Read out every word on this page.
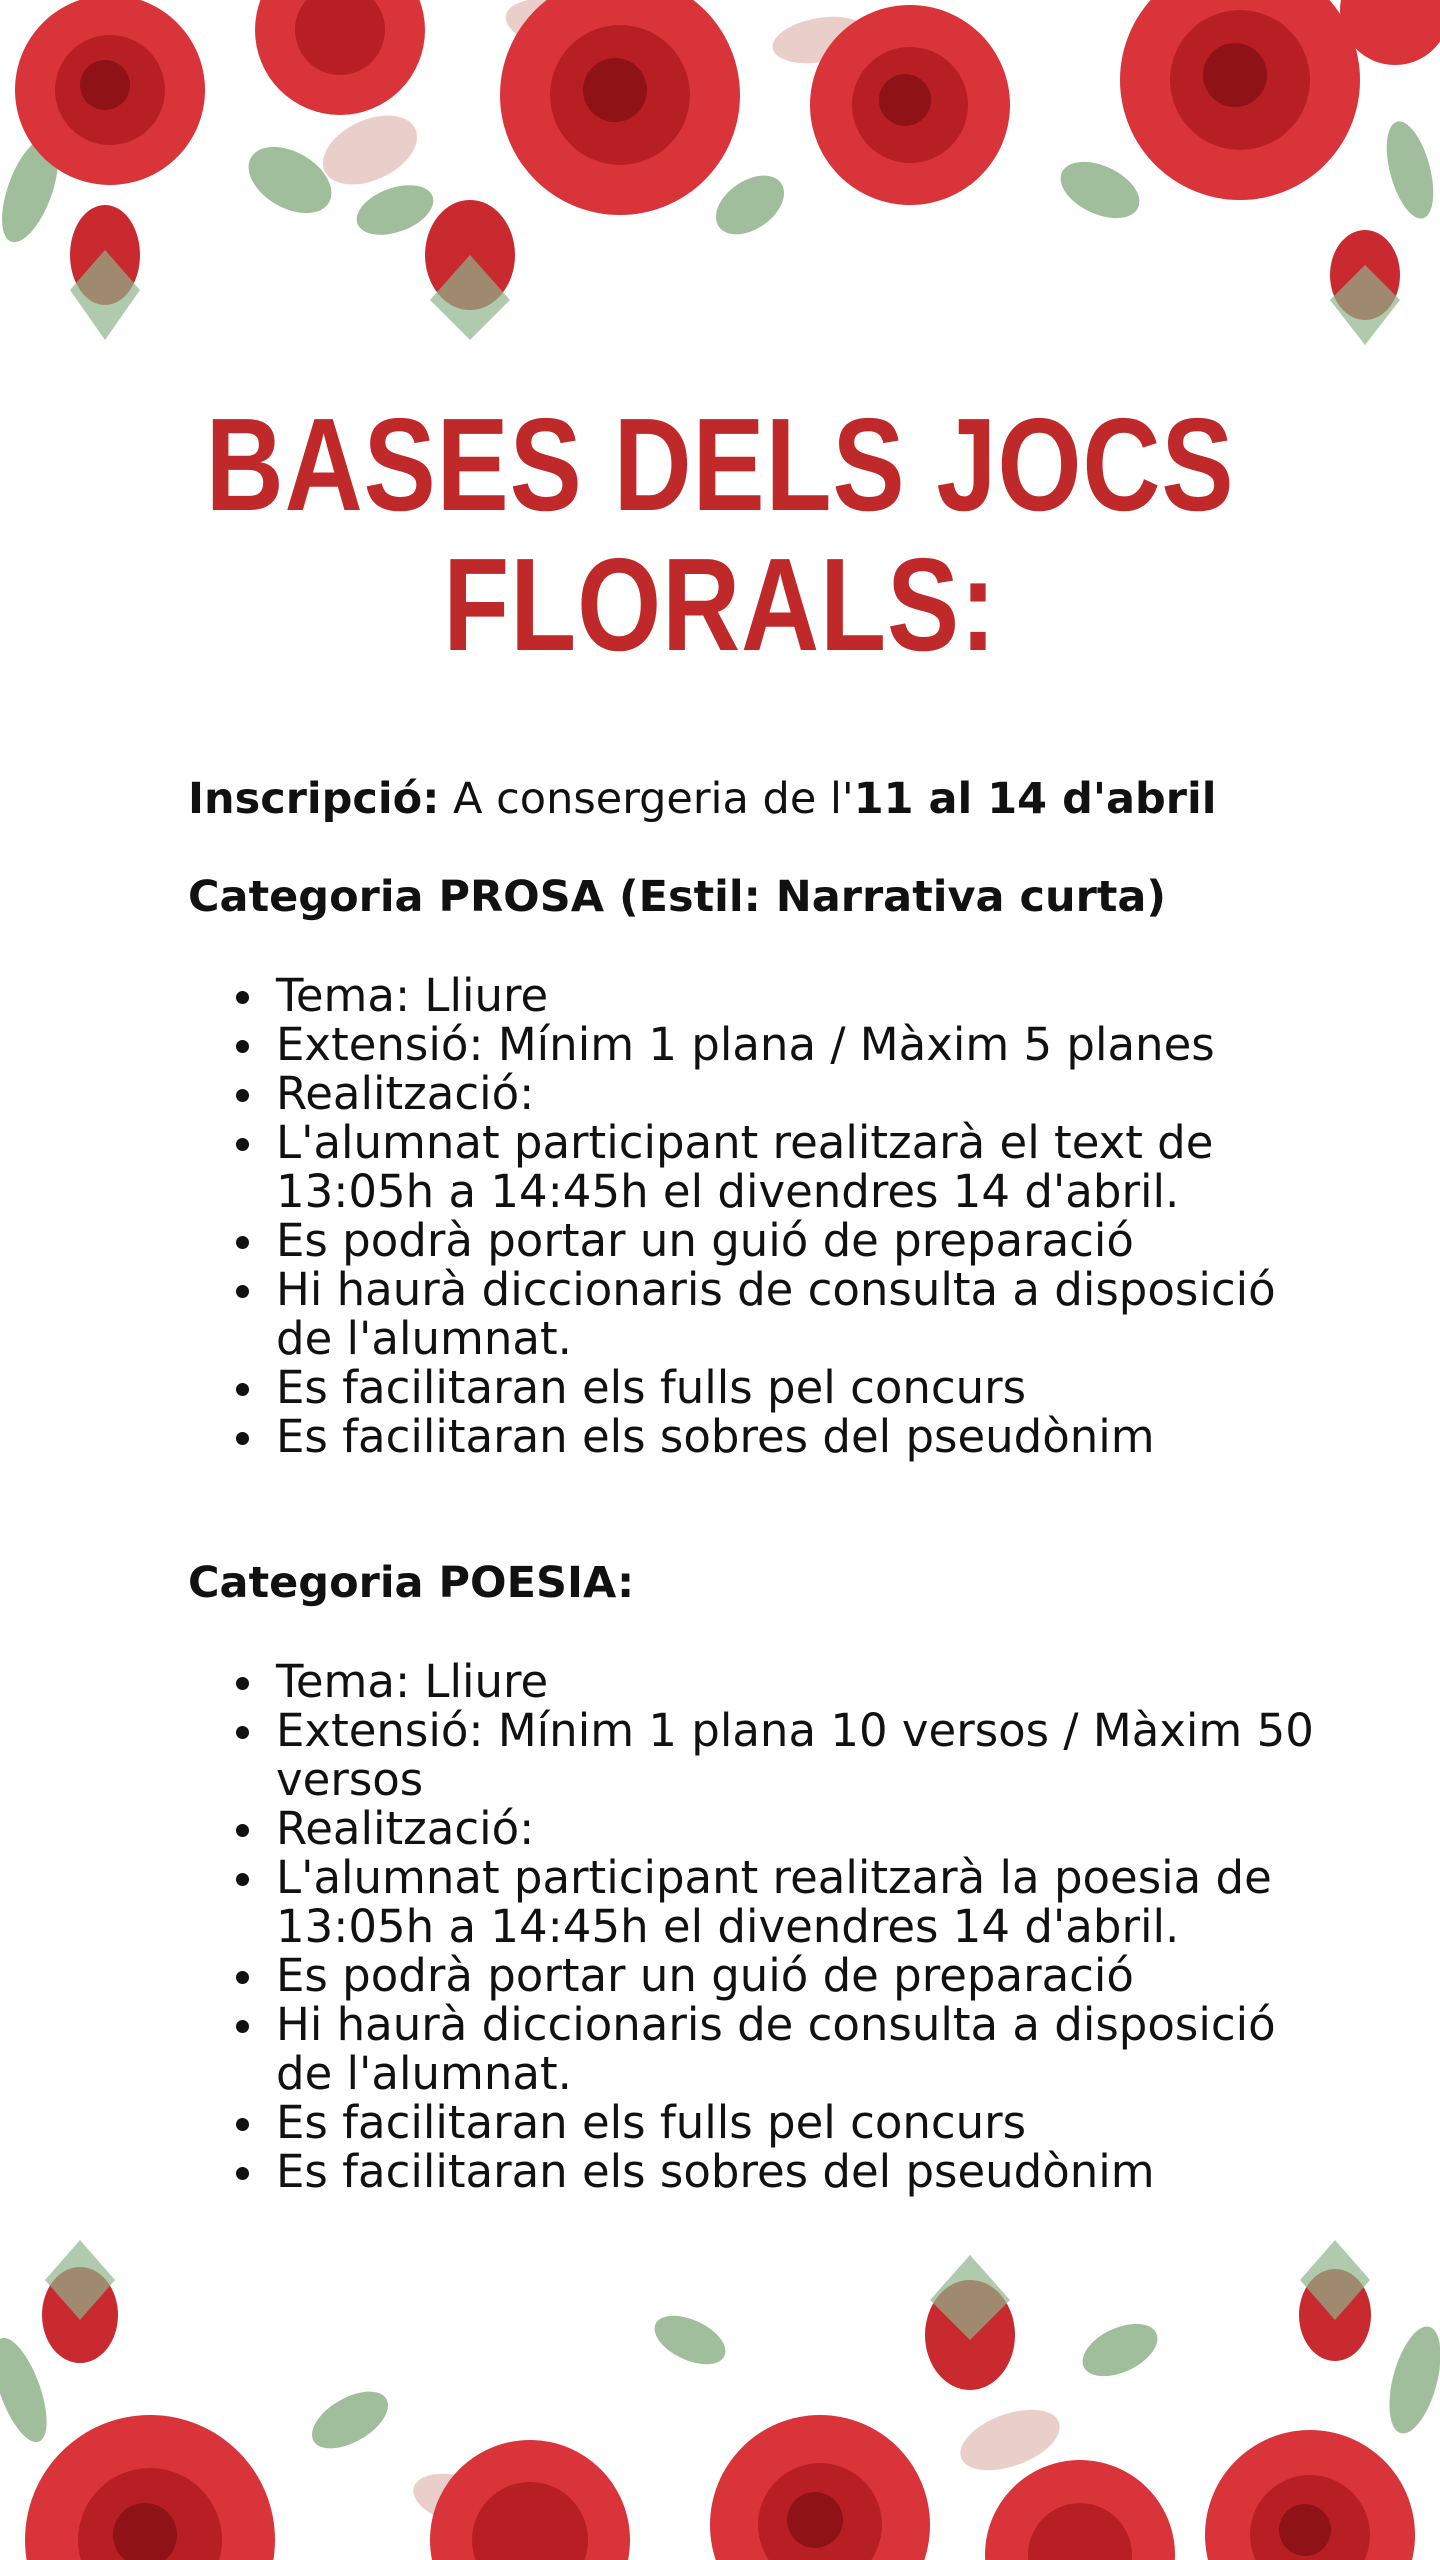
BASES DELS JOCS
FLORALS:

Inscripció: A consergeria de l'11 al 14 d'abril

Categoria PROSA (Estil: Narrativa curta)

Tema: Lliure
Extensió: Mínim 1 plana / Màxim 5 planes
Realització:
L'alumnat participant realitzarà el text de 13:05h a 14:45h el divendres 14 d'abril.
Es podrà portar un guió de preparació
Hi haurà diccionaris de consulta a disposició de l'alumnat.
Es facilitaran els fulls pel concurs
Es facilitaran els sobres del pseudònim

Categoria POESIA:

Tema: Lliure
Extensió: Mínim 1 plana 10 versos / Màxim 50 versos
Realització:
L'alumnat participant realitzarà la poesia de 13:05h a 14:45h el divendres 14 d'abril.
Es podrà portar un guió de preparació
Hi haurà diccionaris de consulta a disposició de l'alumnat.
Es facilitaran els fulls pel concurs
Es facilitaran els sobres del pseudònim
